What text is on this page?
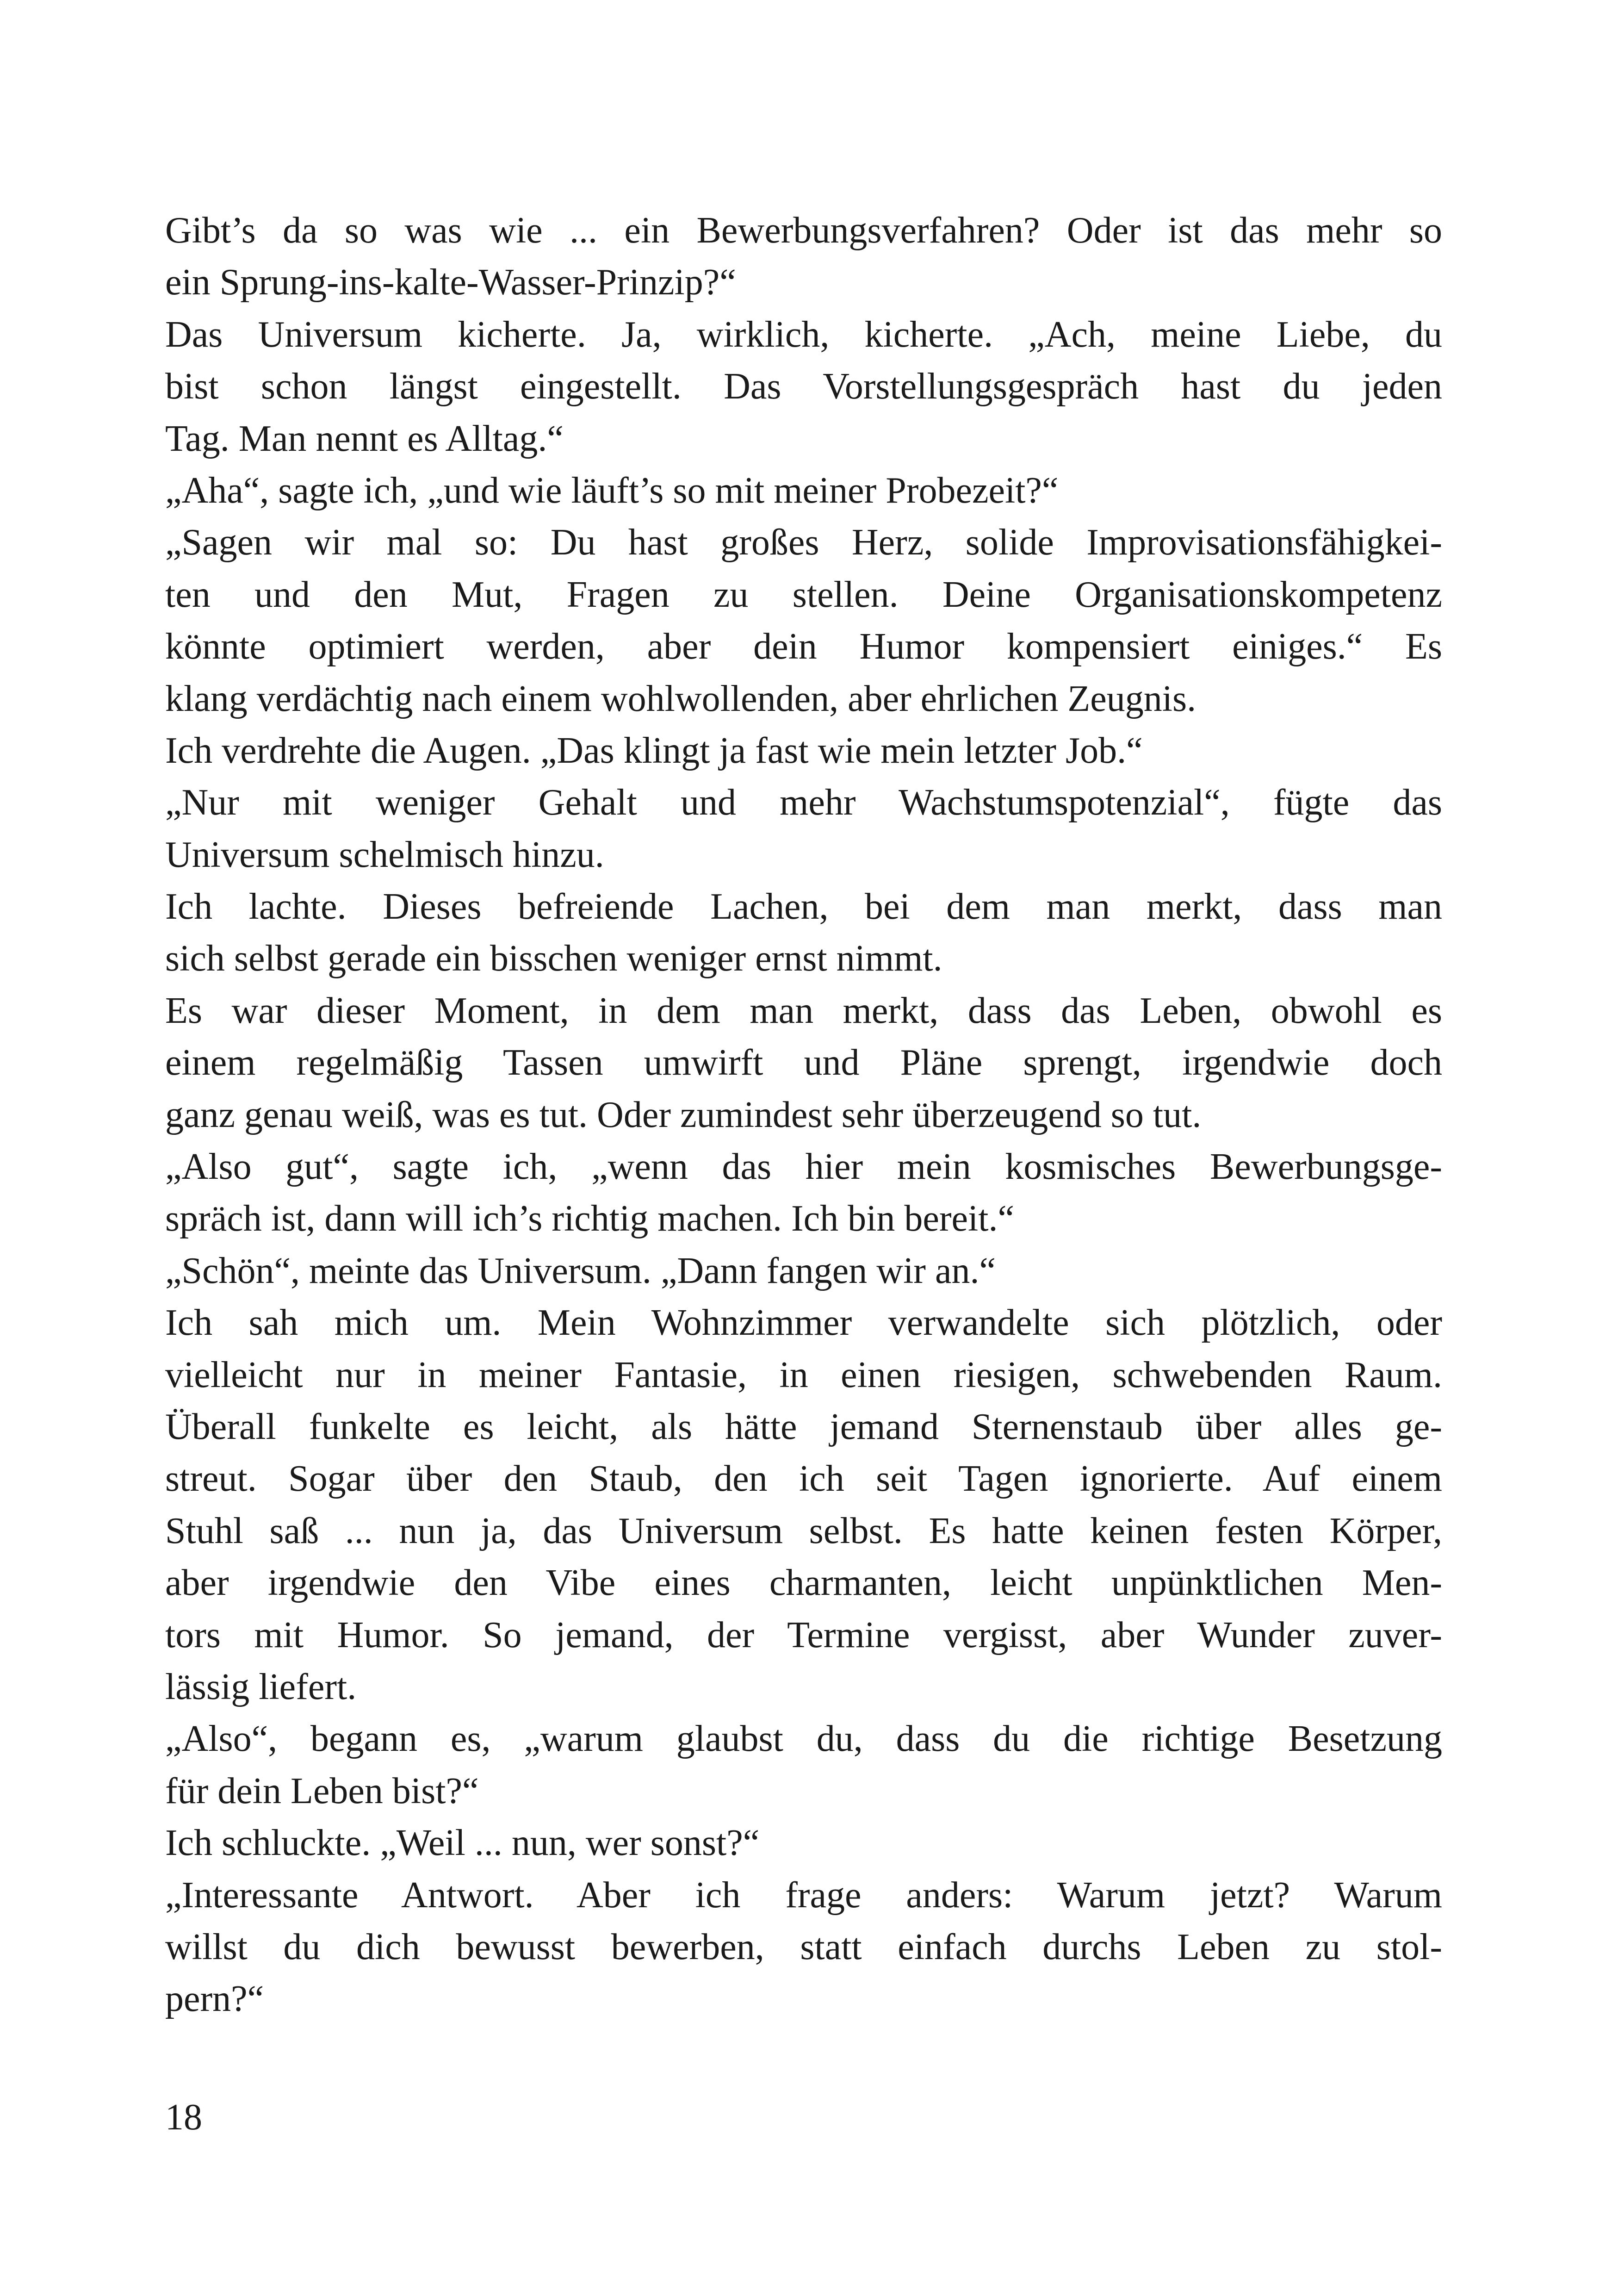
Gibt’s da so was wie ... ein Bewerbungsverfahren? Oder ist das mehr so
ein Sprung-ins-kalte-Wasser-Prinzip?“
Das Universum kicherte. Ja, wirklich, kicherte. „Ach, meine Liebe, du
bist schon längst eingestellt. Das Vorstellungsgespräch hast du jeden
Tag. Man nennt es Alltag.“
„Aha“, sagte ich, „und wie läuft’s so mit meiner Probezeit?“
„Sagen wir mal so: Du hast großes Herz, solide Improvisationsfähigkei-
ten und den Mut, Fragen zu stellen. Deine Organisationskompetenz
könnte optimiert werden, aber dein Humor kompensiert einiges.“ Es
klang verdächtig nach einem wohlwollenden, aber ehrlichen Zeugnis.
Ich verdrehte die Augen. „Das klingt ja fast wie mein letzter Job.“
„Nur mit weniger Gehalt und mehr Wachstumspotenzial“, fügte das
Universum schelmisch hinzu.
Ich lachte. Dieses befreiende Lachen, bei dem man merkt, dass man
sich selbst gerade ein bisschen weniger ernst nimmt.
Es war dieser Moment, in dem man merkt, dass das Leben, obwohl es
einem regelmäßig Tassen umwirft und Pläne sprengt, irgendwie doch
ganz genau weiß, was es tut. Oder zumindest sehr überzeugend so tut.
„Also gut“, sagte ich, „wenn das hier mein kosmisches Bewerbungsge-
spräch ist, dann will ich’s richtig machen. Ich bin bereit.“
„Schön“, meinte das Universum. „Dann fangen wir an.“
Ich sah mich um. Mein Wohnzimmer verwandelte sich plötzlich, oder
vielleicht nur in meiner Fantasie, in einen riesigen, schwebenden Raum.
Überall funkelte es leicht, als hätte jemand Sternenstaub über alles ge-
streut. Sogar über den Staub, den ich seit Tagen ignorierte. Auf einem
Stuhl saß ... nun ja, das Universum selbst. Es hatte keinen festen Körper,
aber irgendwie den Vibe eines charmanten, leicht unpünktlichen Men-
tors mit Humor. So jemand, der Termine vergisst, aber Wunder zuver-
lässig liefert.
„Also“, begann es, „warum glaubst du, dass du die richtige Besetzung
für dein Leben bist?“
Ich schluckte. „Weil ... nun, wer sonst?“
„Interessante Antwort. Aber ich frage anders: Warum jetzt? Warum
willst du dich bewusst bewerben, statt einfach durchs Leben zu stol-
pern?“
18
